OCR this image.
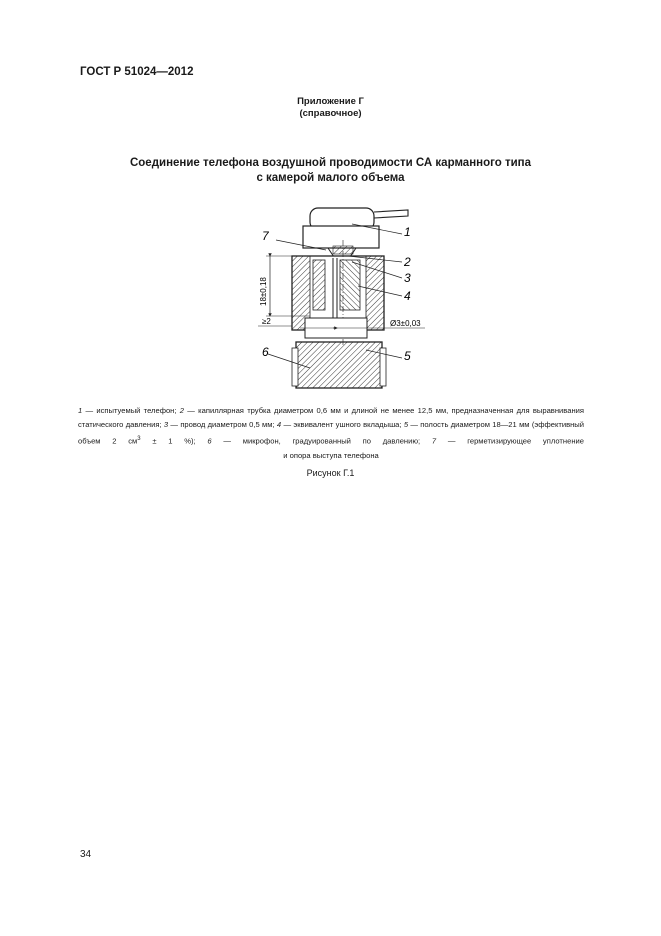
ГОСТ Р 51024—2012
Приложение Г
(справочное)
Соединение телефона воздушной проводимости СА карманного типа
с камерой малого объема
18±0,18
≥2	Ø3±0,03
1
7
2
3
4
5
6
1 — испытуемый телефон; 2 — капиллярная трубка диаметром 0,6 мм и длиной не менее 12,5 мм, предназначенная для выравнивания статического давления; 3 — провод диаметром 0,5 мм; 4 — эквивалент ушного вкладыша; 5 — полость диаметром 18—21 мм (эффективный объем 2 $см^3 \pm 1$ %); 6 — микрофон, градуированный по давлению; 7 — герметизирующее уплотнение
и опора выступа телефона
Рисунок Г.1
34
